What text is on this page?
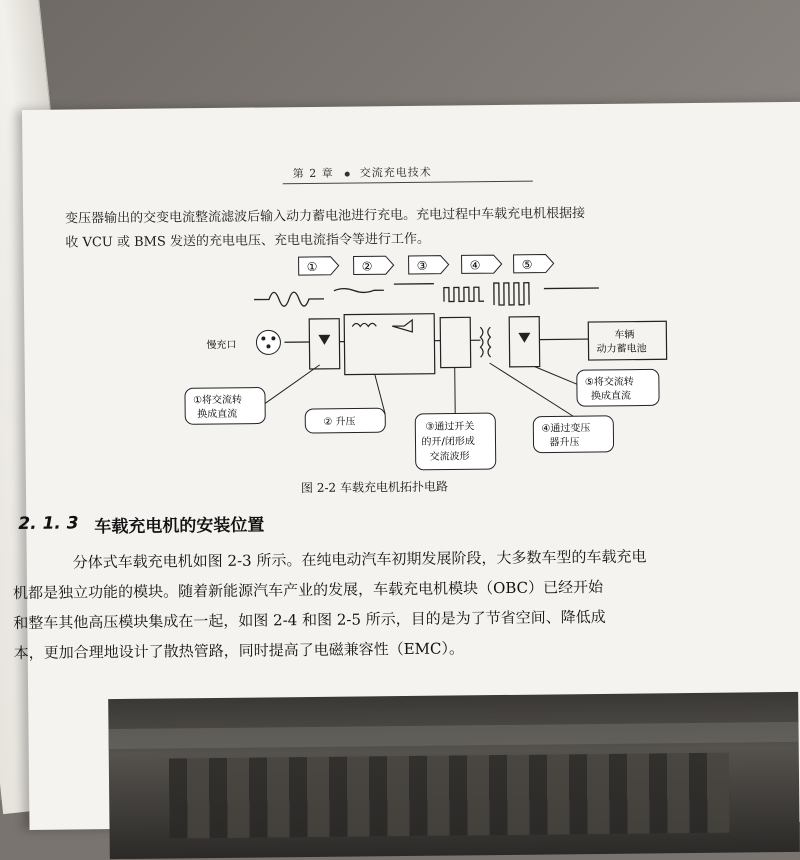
第 2 章 交流充电技术
变压器输出的交变电流整流滤波后输入动力蓄电池进行充电。充电过程中车载充电机根据接
收 VCU 或 BMS 发送的充电电压、充电电流指令等进行工作。
①	②	③	④	⑤
慢充口
车辆
动力蓄电池
①将交流转
换成直流
② 升压	③通过开关
的开/闭形成
交流波形
④通过变压
器升压
⑤将交流转
换成直流
图 2-2 车载充电机拓扑电路
2. 1. 3 车载充电机的安装位置

分体式车载充电机如图 2-3 所示。在纯电动汽车初期发展阶段，大多数车型的车载充电

机都是独立功能的模块。随着新能源汽车产业的发展，车载充电机模块（OBC）已经开始

和整车其他高压模块集成在一起，如图 2-4 和图 2-5 所示，目的是为了节省空间、降低成

本，更加合理地设计了散热管路，同时提高了电磁兼容性（EMC）。
